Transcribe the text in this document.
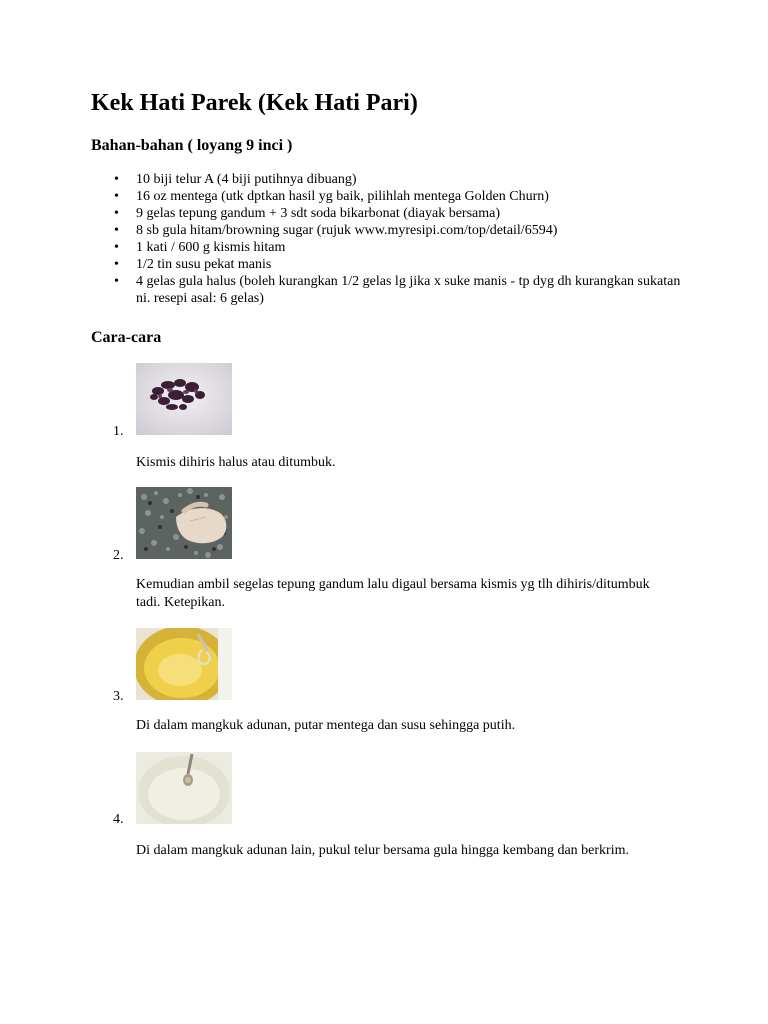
Kek Hati Parek (Kek Hati Pari)
Bahan-bahan ( loyang 9 inci )
• 10 biji telur A (4 biji putihnya dibuang)
• 16 oz mentega (utk dptkan hasil yg baik, pilihlah mentega Golden Churn)
• 9 gelas tepung gandum + 3 sdt soda bikarbonat (diayak bersama)
• 8 sb gula hitam/browning sugar (rujuk www.myresipi.com/top/detail/6594)
• 1 kati / 600 g kismis hitam
• 1/2 tin susu pekat manis
• 4 gelas gula halus (boleh kurangkan 1/2 gelas lg jika x suke manis - tp dyg dh kurangkan sukatan ni. resepi asal: 6 gelas)
Cara-cara
1.
Kismis dihiris halus atau ditumbuk.
2.
Kemudian ambil segelas tepung gandum lalu digaul bersama kismis yg tlh dihiris/ditumbuk tadi. Ketepikan.
3.
Di dalam mangkuk adunan, putar mentega dan susu sehingga putih.
4.
Di dalam mangkuk adunan lain, pukul telur bersama gula hingga kembang dan berkrim.
